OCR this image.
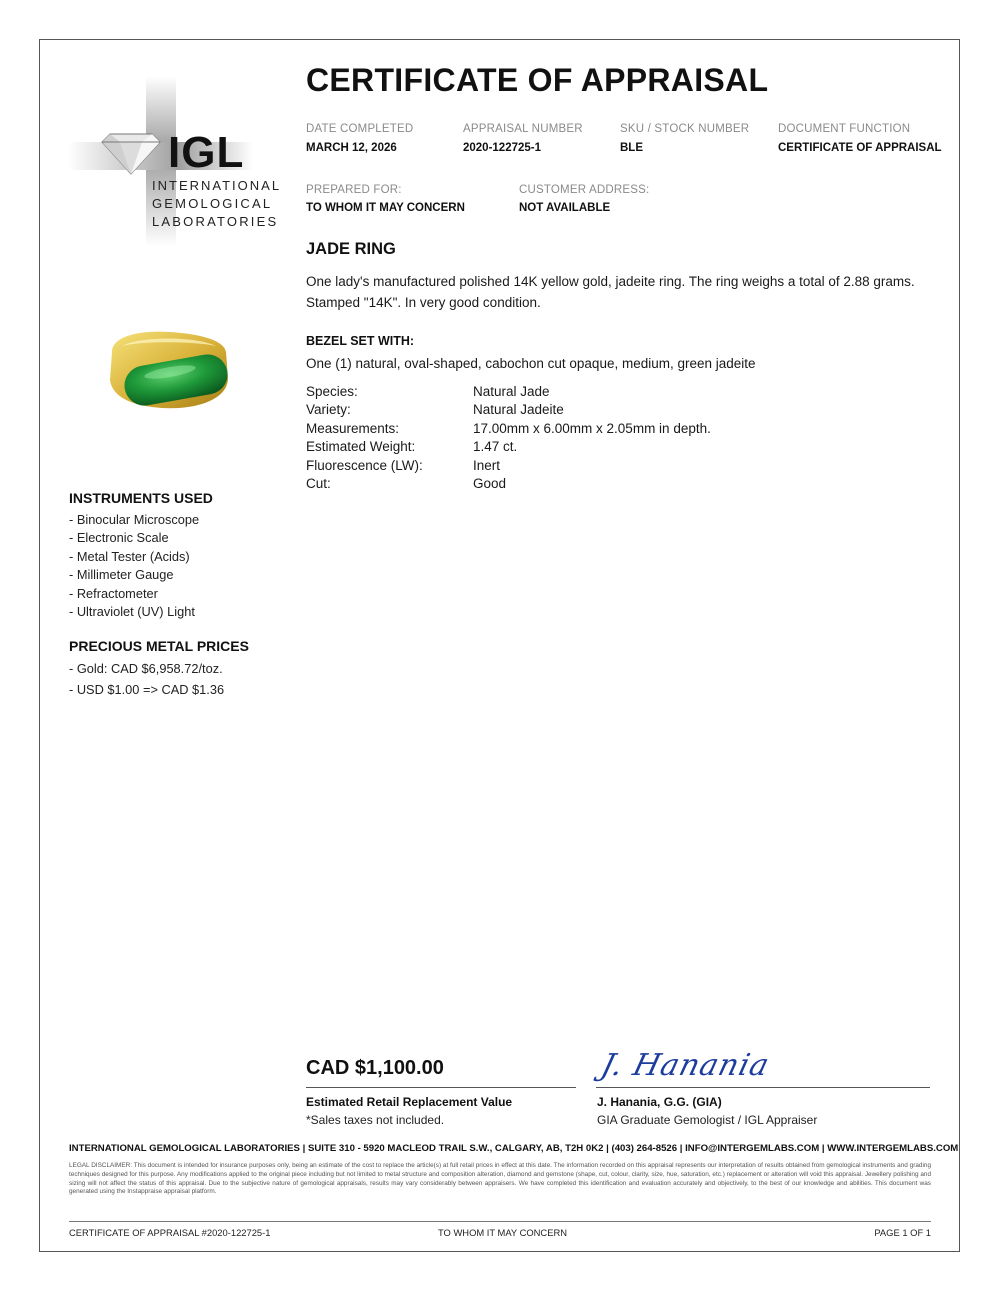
IGL
INTERNATIONAL
GEMOLOGICAL
LABORATORIES
CERTIFICATE OF APPRAISAL
DATE COMPLETED
MARCH 12, 2026
APPRAISAL NUMBER
2020-122725-1
SKU / STOCK NUMBER
BLE
DOCUMENT FUNCTION
CERTIFICATE OF APPRAISAL
PREPARED FOR:
TO WHOM IT MAY CONCERN
CUSTOMER ADDRESS:
NOT AVAILABLE
JADE RING
One lady's manufactured polished 14K yellow gold, jadeite ring. The ring weighs a total of 2.88 grams.
Stamped "14K". In very good condition.
BEZEL SET WITH:
One (1) natural, oval-shaped, cabochon cut opaque, medium, green jadeite
Species:	Natural Jade
Variety:	Natural Jadeite
Measurements:	17.00mm x 6.00mm x 2.05mm in depth.
Estimated Weight:	1.47 ct.
Fluorescence (LW):	Inert
Cut:	Good
INSTRUMENTS USED
- Binocular Microscope
- Electronic Scale
- Metal Tester (Acids)
- Millimeter Gauge
- Refractometer
- Ultraviolet (UV) Light
PRECIOUS METAL PRICES
- Gold: CAD $6,958.72/toz.
- USD $1.00 => CAD $1.36
CAD $1,100.00
Estimated Retail Replacement Value
*Sales taxes not included.
J. Hanania
J. Hanania, G.G. (GIA)
GIA Graduate Gemologist / IGL Appraiser
INTERNATIONAL GEMOLOGICAL LABORATORIES | SUITE 310 - 5920 MACLEOD TRAIL S.W., CALGARY, AB, T2H 0K2 | (403) 264-8526 | INFO@INTERGEMLABS.COM | WWW.INTERGEMLABS.COM
LEGAL DISCLAIMER: This document is intended for insurance purposes only, being an estimate of the cost to replace the article(s) at full retail prices in effect at this date. The information recorded on this appraisal represents our interpretation of results obtained from gemological instruments and grading techniques designed for this purpose. Any modifications applied to the original piece including but not limited to metal structure and composition alteration, diamond and gemstone (shape, cut, colour, clarity, size, hue, saturation, etc.) replacement or alteration will void this appraisal. Jewellery polishing and sizing will not affect the status of this appraisal. Due to the subjective nature of gemological appraisals, results may vary considerably between appraisers. We have completed this identification and evaluation accurately and objectively, to the best of our knowledge and abilities. This document was generated using the Instappraise appraisal platform.
CERTIFICATE OF APPRAISAL #2020-122725-1	TO WHOM IT MAY CONCERN	PAGE 1 OF 1
